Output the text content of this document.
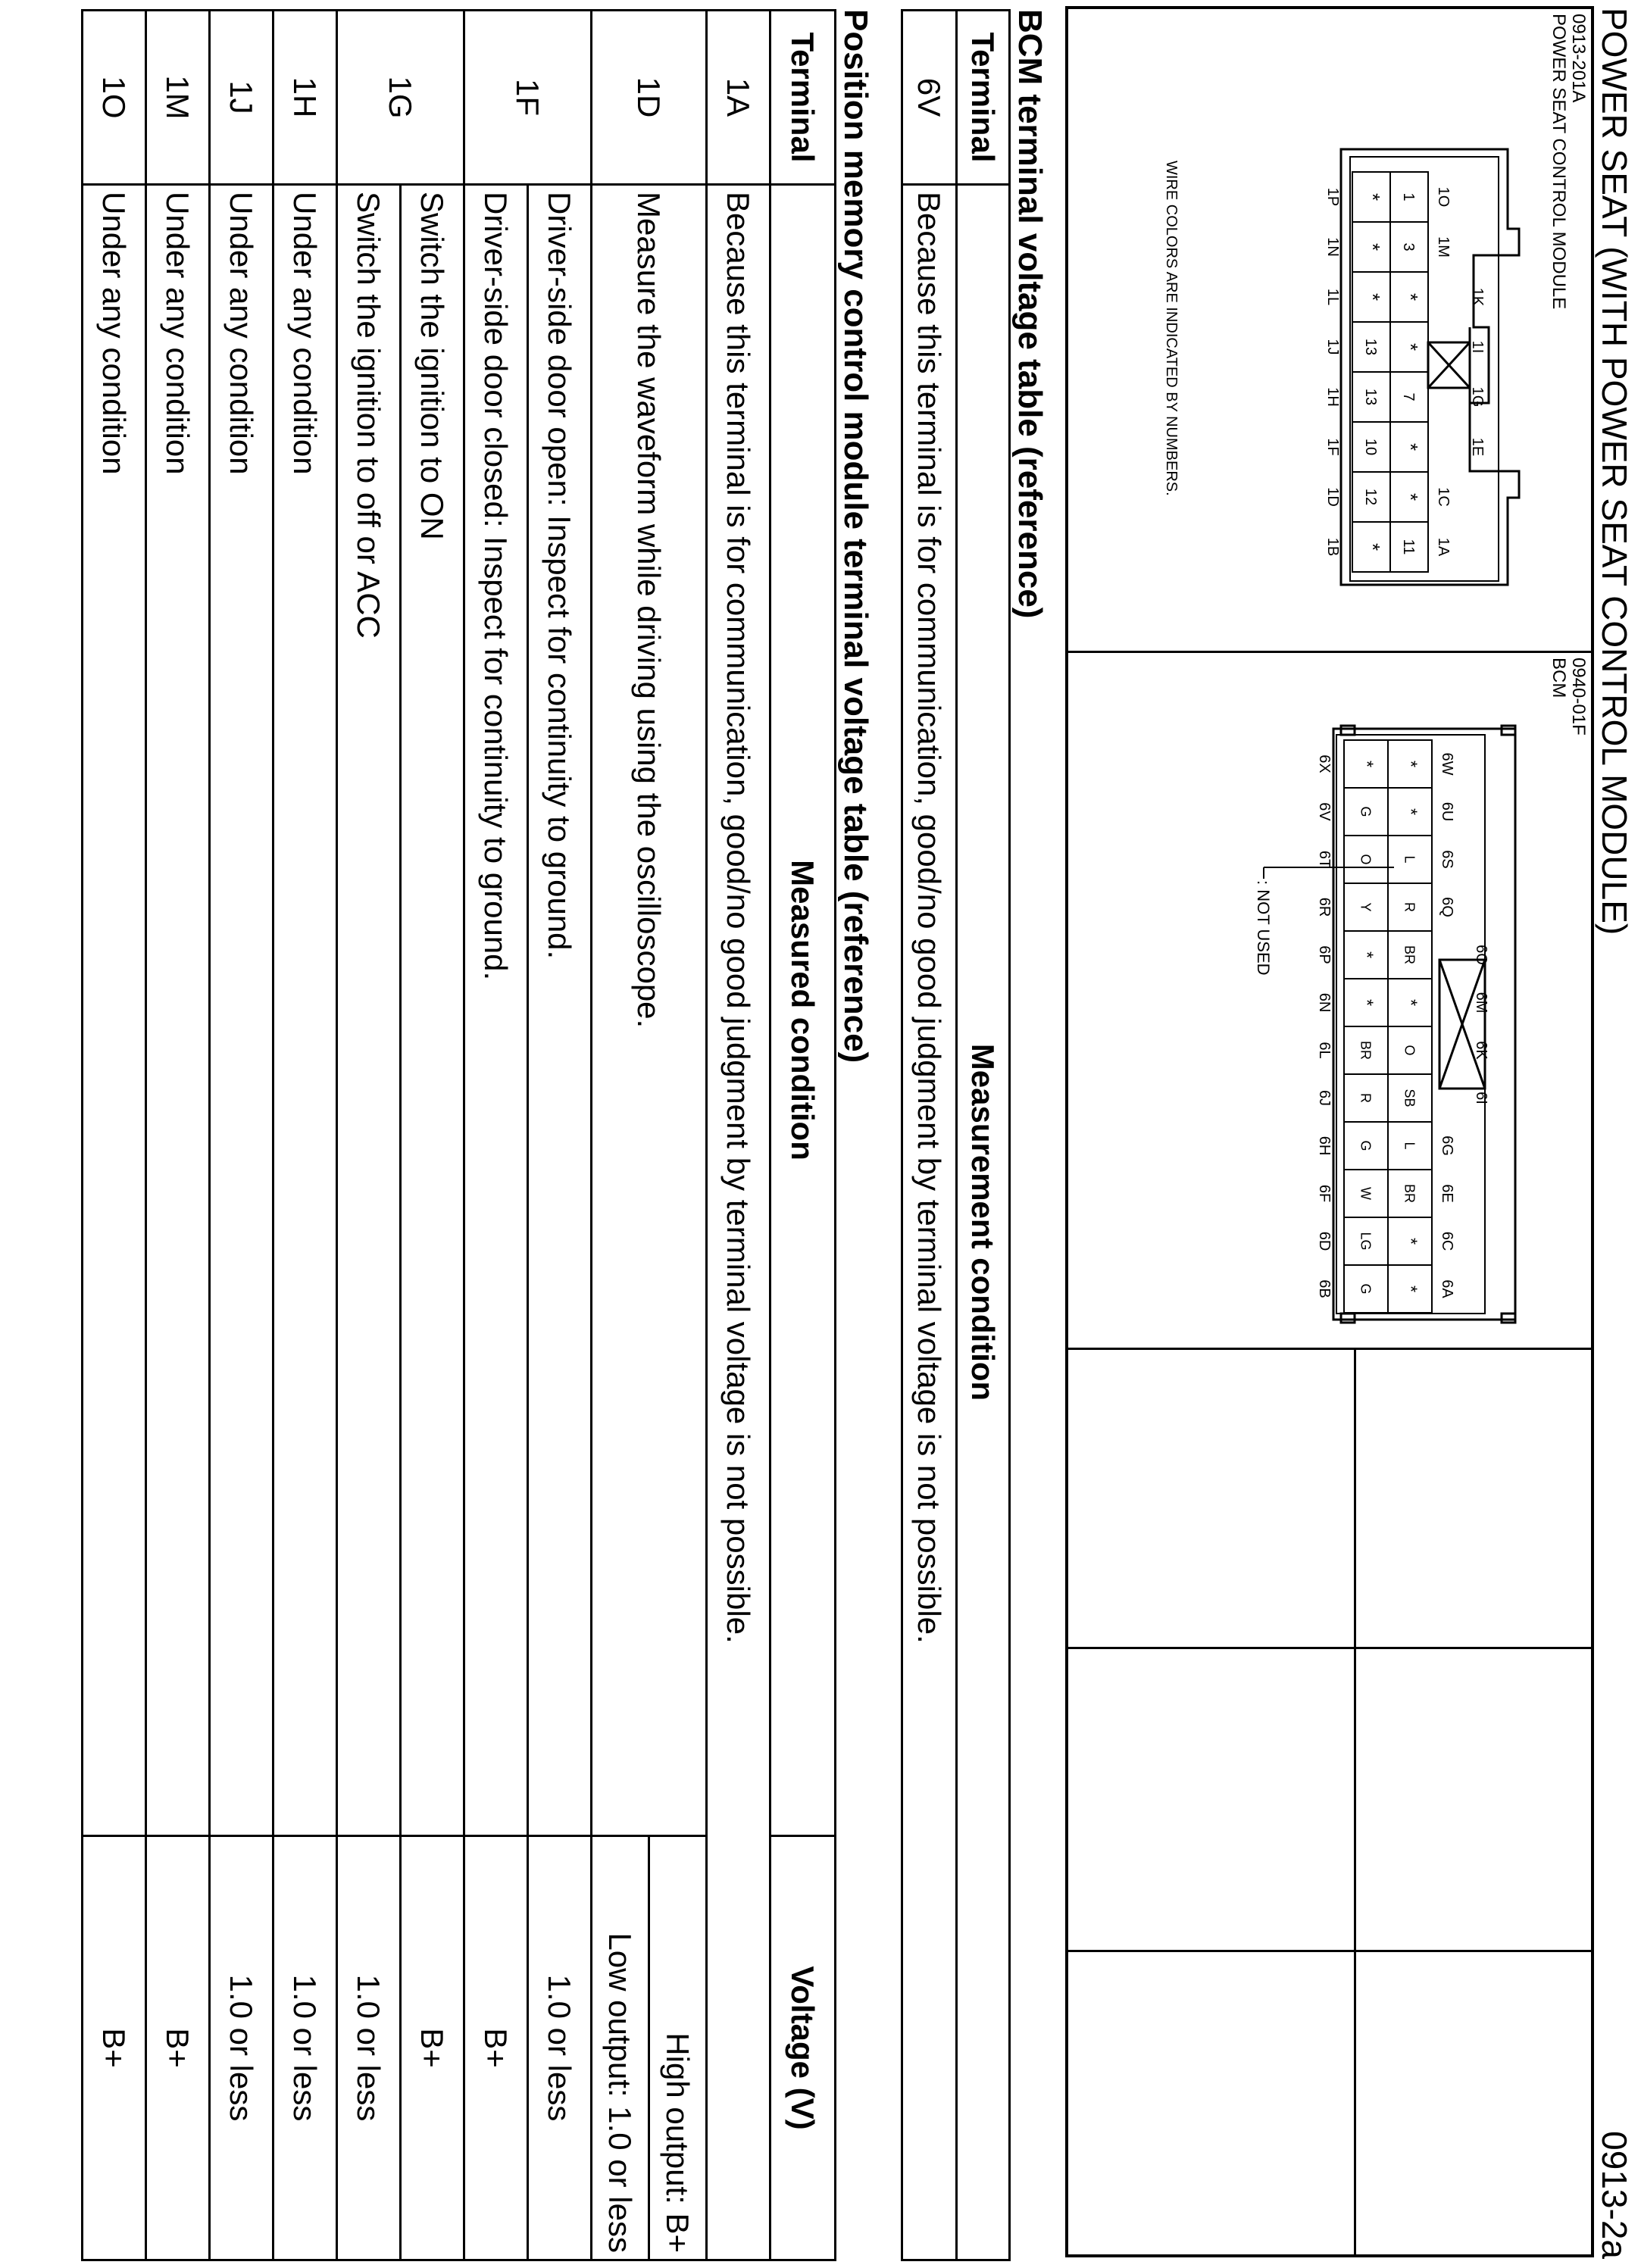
POWER SEAT (WITH POWER SEAT CONTROL MODULE)
0913-2a
0913-201A
POWER SEAT CONTROL MODULE
1
3
*
*
7
*
*
11
*
*
*
13
13
10
12
*
1O
1M
1K
1I
1G
1E
1C
1A
1P
1N
1L
1J
1H
1F
1D
1B
WIRE COLORS ARE INDICATED BY NUMBERS.
0940-01F
BCM
*
*
L
R
BR
*
O
SB
L
BR
*
*
*
G
O
Y
*
*
BR
R
G
W
LG
G
6W
6U
6S
6Q
6O
6M
6K
6I
6G
6E
6C
6A
6X
6V
6T
6R
6P
6N
6L
6J
6H
6F
6D
6B
: NOT USED
BCM terminal voltage table (reference)
Terminal	Measurement condition
6V	Because this terminal is for communication, good/no good judgment by terminal voltage is not possible.
Position memory control module terminal voltage table (reference)
Terminal	Measured condition	Voltage (V)
1A	Because this terminal is for communication, good/no good judgment by terminal voltage is not possible.	
1D	Measure the waveform while driving using the oscilloscope.	High output: B+
		Low output: 1.0 or less
1F	Driver-side door open: Inspect for continuity to ground.	1.0 or less
	Driver-side door closed: Inspect for continuity to ground.	B+
1G	Switch the ignition to ON	B+
	Switch the ignition to off or ACC	1.0 or less
1H	Under any condition	1.0 or less
1J	Under any condition	1.0 or less
1M	Under any condition	B+
1O	Under any condition	B+
